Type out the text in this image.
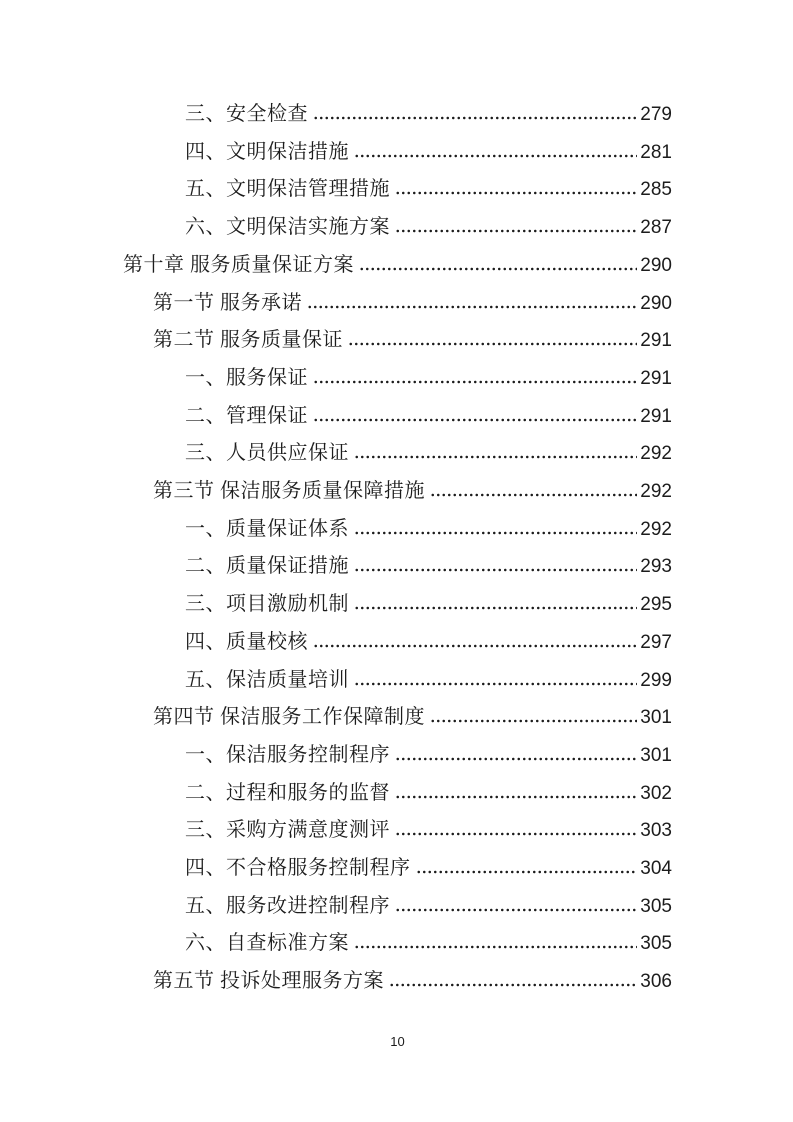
三、安全检查	279
四、文明保洁措施	281
五、文明保洁管理措施	285
六、文明保洁实施方案	287
第十章 服务质量保证方案	290
第一节 服务承诺	290
第二节 服务质量保证	291
一、服务保证	291
二、管理保证	291
三、人员供应保证	292
第三节 保洁服务质量保障措施	292
一、质量保证体系	292
二、质量保证措施	293
三、项目激励机制	295
四、质量校核	297
五、保洁质量培训	299
第四节 保洁服务工作保障制度	301
一、保洁服务控制程序	301
二、过程和服务的监督	302
三、采购方满意度测评	303
四、不合格服务控制程序	304
五、服务改进控制程序	305
六、自查标准方案	305
第五节 投诉处理服务方案	306
10
